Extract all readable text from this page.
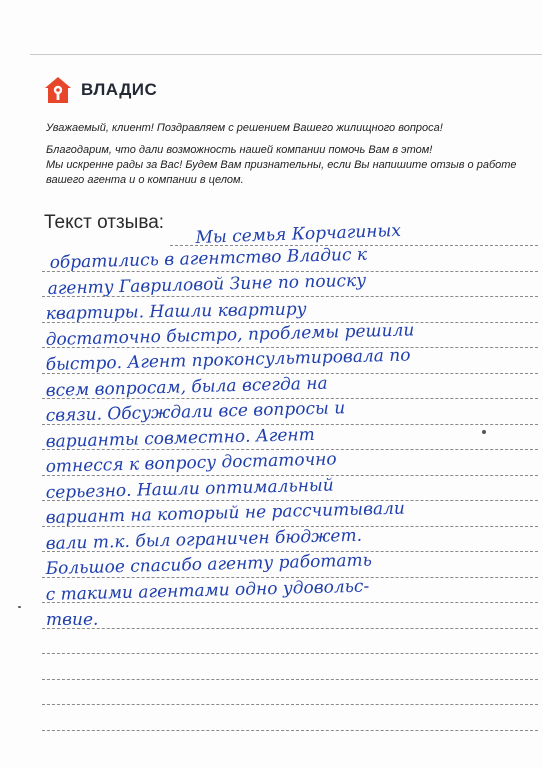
ВЛАДИС

Уважаемый, клиент! Поздравляем с решением Вашего жилищного вопроса!

Благодарим, что дали возможность нашей компании помочь Вам в этом!

Мы искренне рады за Вас! Будем Вам признательны, если Вы напишите отзыв о работе

вашего агента и о компании в целом.

Текст отзыва: Мы семья Корчагиных
обратились в агентство Владис к
агенту Гавриловой Зине по поиску
квартиры. Нашли квартиру
достаточно быстро, проблемы решили
быстро. Агент проконсультировала по
всем вопросам, была всегда на
связи. Обсуждали все вопросы и
варианты совместно. Агент
отнесся к вопросу достаточно
серьезно. Нашли оптимальный
вариант на который не рассчитывали
вали т.к. был ограничен бюджет.
Большое спасибо агенту работать
с такими агентами одно удовольс-
твие.
